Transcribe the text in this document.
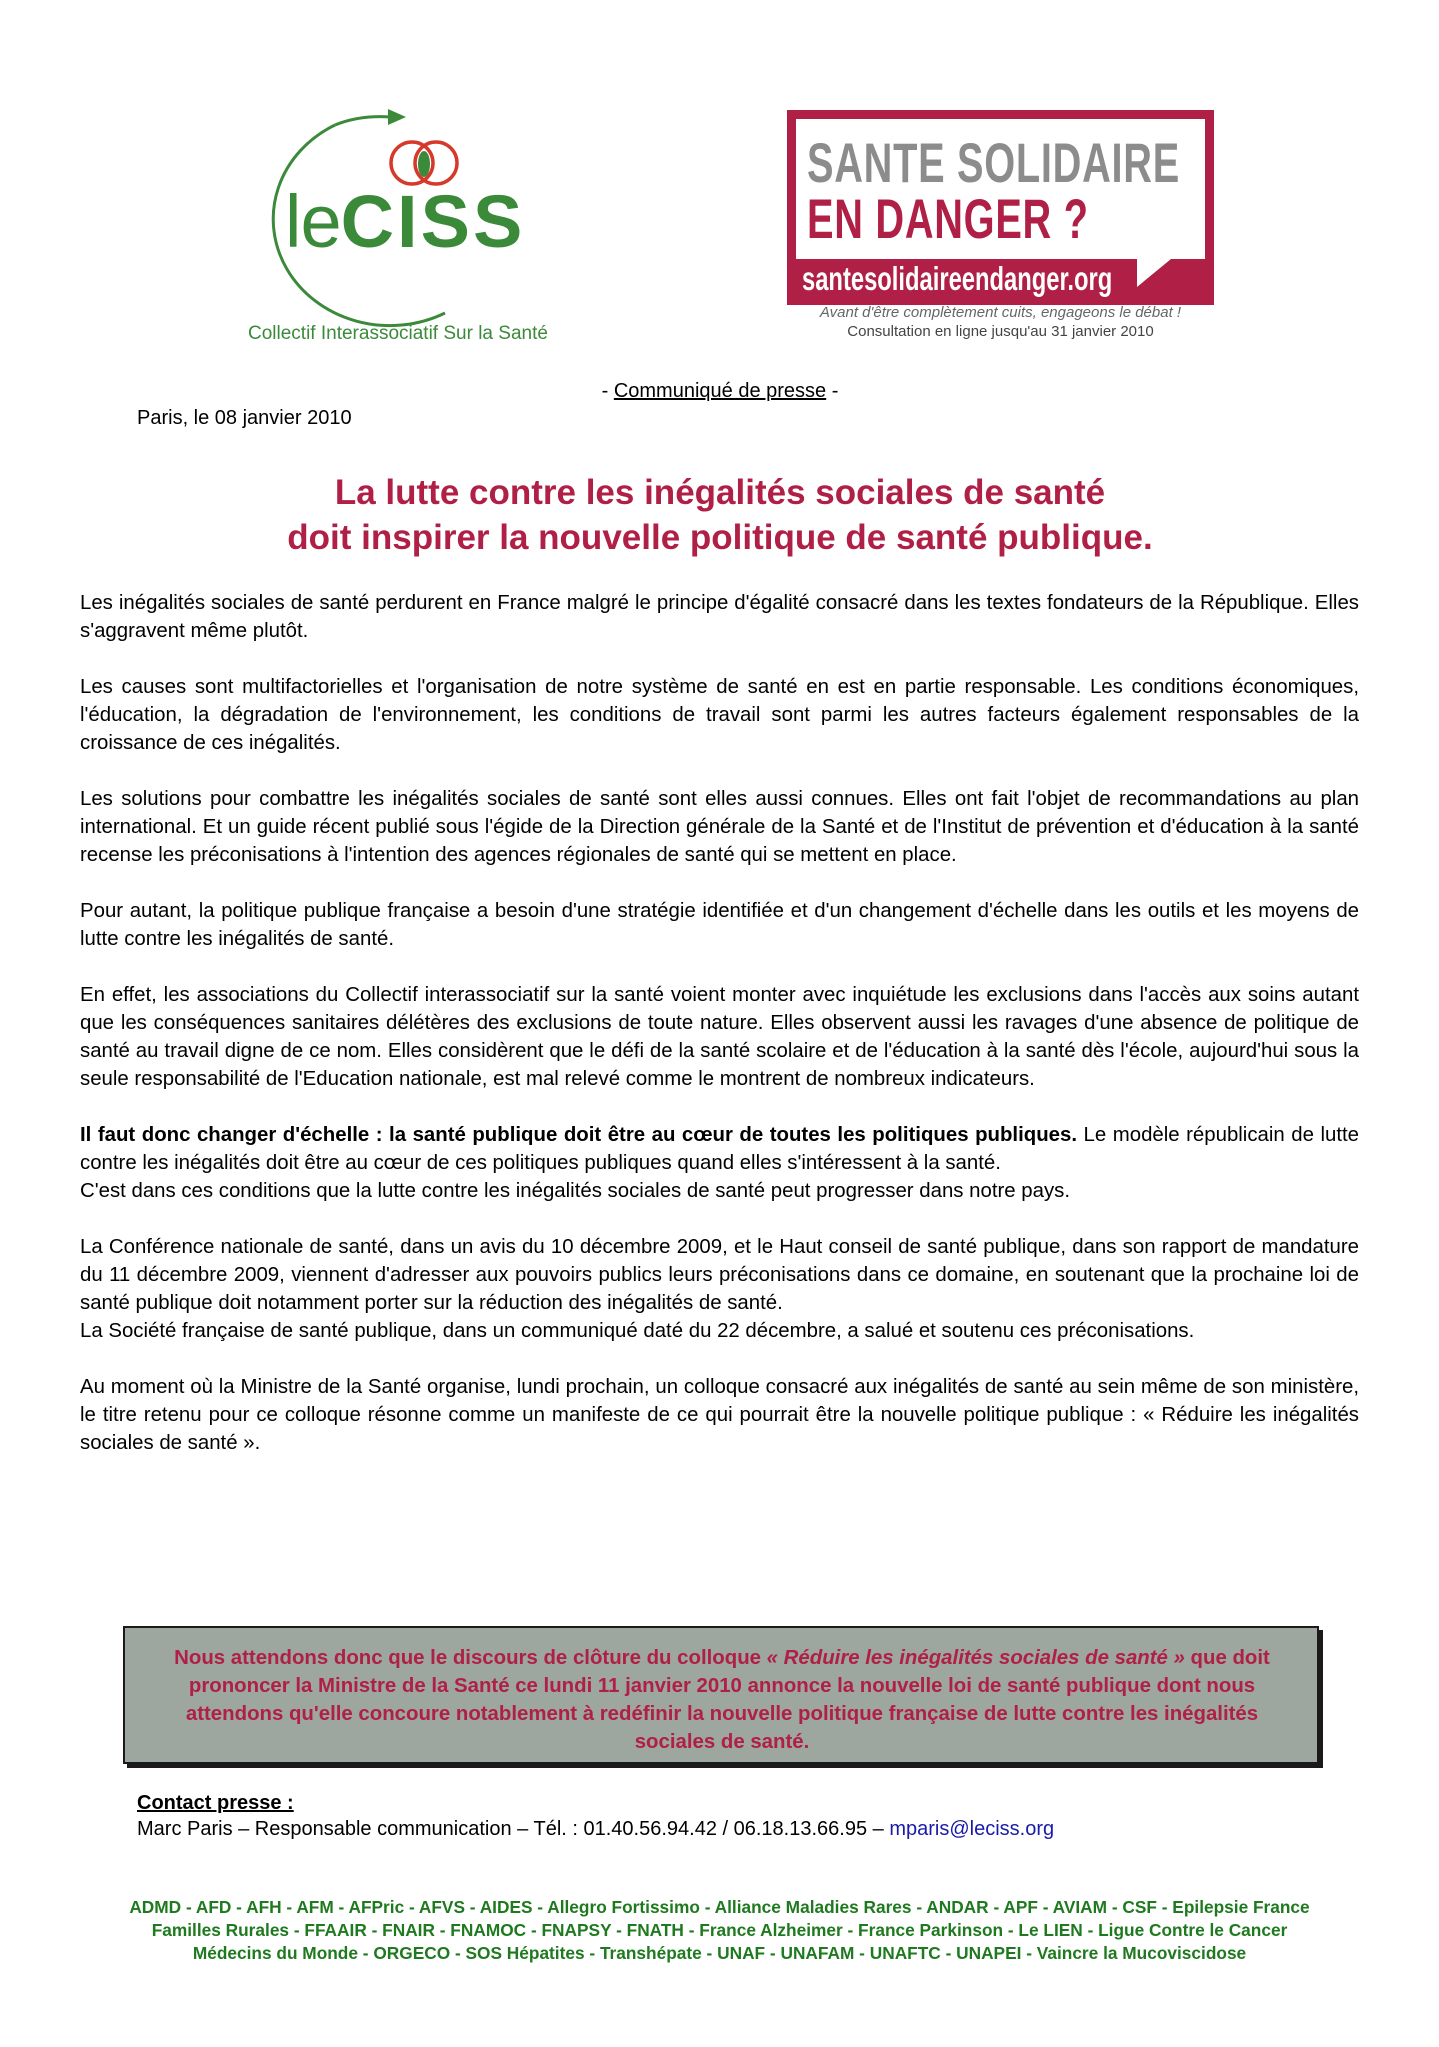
leCISS
Collectif Interassociatif Sur la Santé
SANTE SOLIDAIRE
EN DANGER ?
santesolidaireendanger.org
Avant d'être complètement cuits, engageons le débat !
Consultation en ligne jusqu'au 31 janvier 2010
- Communiqué de presse -
Paris, le 08 janvier 2010
La lutte contre les inégalités sociales de santé
doit inspirer la nouvelle politique de santé publique.

Les inégalités sociales de santé perdurent en France malgré le principe d'égalité consacré dans les textes fondateurs de la République. Elles s'aggravent même plutôt.

Les causes sont multifactorielles et l'organisation de notre système de santé en est en partie responsable. Les conditions économiques, l'éducation, la dégradation de l'environnement, les conditions de travail sont parmi les autres facteurs également responsables de la croissance de ces inégalités.

Les solutions pour combattre les inégalités sociales de santé sont elles aussi connues. Elles ont fait l'objet de recommandations au plan international. Et un guide récent publié sous l'égide de la Direction générale de la Santé et de l'Institut de prévention et d'éducation à la santé recense les préconisations à l'intention des agences régionales de santé qui se mettent en place.

Pour autant, la politique publique française a besoin d'une stratégie identifiée et d'un changement d'échelle dans les outils et les moyens de lutte contre les inégalités de santé.

En effet, les associations du Collectif interassociatif sur la santé voient monter avec inquiétude les exclusions dans l'accès aux soins autant que les conséquences sanitaires délétères des exclusions de toute nature. Elles observent aussi les ravages d'une absence de politique de santé au travail digne de ce nom. Elles considèrent que le défi de la santé scolaire et de l'éducation à la santé dès l'école, aujourd'hui sous la seule responsabilité de l'Education nationale, est mal relevé comme le montrent de nombreux indicateurs.

Il faut donc changer d'échelle : la santé publique doit être au cœur de toutes les politiques publiques. Le modèle républicain de lutte contre les inégalités doit être au cœur de ces politiques publiques quand elles s'intéressent à la santé.

C'est dans ces conditions que la lutte contre les inégalités sociales de santé peut progresser dans notre pays.

La Conférence nationale de santé, dans un avis du 10 décembre 2009, et le Haut conseil de santé publique, dans son rapport de mandature du 11 décembre 2009, viennent d'adresser aux pouvoirs publics leurs préconisations dans ce domaine, en soutenant que la prochaine loi de santé publique doit notamment porter sur la réduction des inégalités de santé.

La Société française de santé publique, dans un communiqué daté du 22 décembre, a salué et soutenu ces préconisations.

Au moment où la Ministre de la Santé organise, lundi prochain, un colloque consacré aux inégalités de santé au sein même de son ministère, le titre retenu pour ce colloque résonne comme un manifeste de ce qui pourrait être la nouvelle politique publique : « Réduire les inégalités sociales de santé ».

Nous attendons donc que le discours de clôture du colloque « Réduire les inégalités sociales de santé » que doit prononcer la Ministre de la Santé ce lundi 11 janvier 2010 annonce la nouvelle loi de santé publique dont nous attendons qu'elle concoure notablement à redéfinir la nouvelle politique française de lutte contre les inégalités sociales de santé.
Contact presse :
Marc Paris – Responsable communication – Tél. : 01.40.56.94.42 / 06.18.13.66.95 – mparis@leciss.org
ADMD - AFD - AFH - AFM - AFPric - AFVS - AIDES - Allegro Fortissimo - Alliance Maladies Rares - ANDAR - APF - AVIAM - CSF - Epilepsie France
Familles Rurales - FFAAIR - FNAIR - FNAMOC - FNAPSY - FNATH - France Alzheimer - France Parkinson - Le LIEN - Ligue Contre le Cancer
Médecins du Monde - ORGECO - SOS Hépatites - Transhépate - UNAF - UNAFAM - UNAFTC - UNAPEI - Vaincre la Mucoviscidose
